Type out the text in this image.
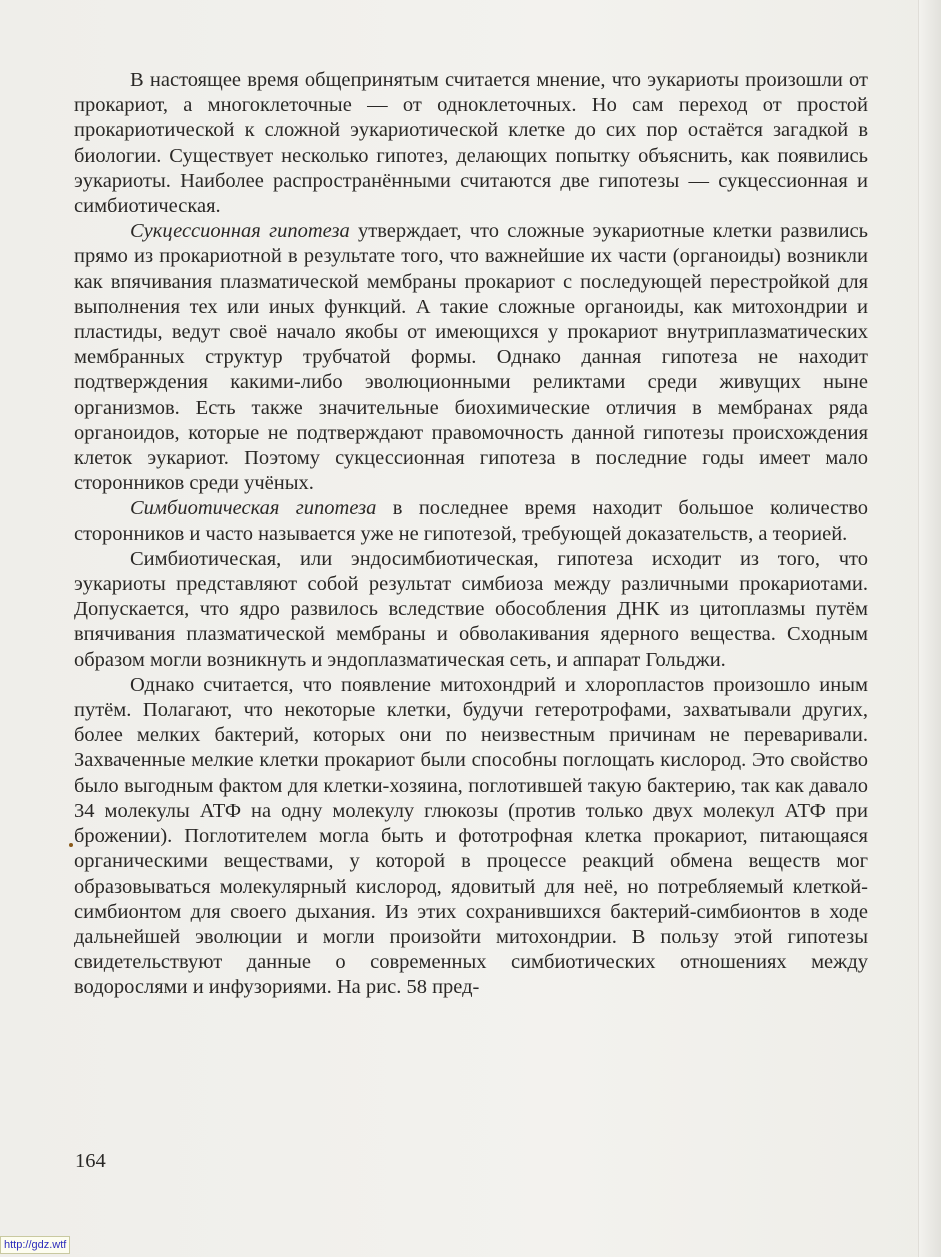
В настоящее время общепринятым считается мнение, что эукариоты произошли от прокариот, а многоклеточные — от одноклеточных. Но сам переход от простой прокариотической к сложной эукариотической клетке до сих пор остаётся загадкой в биологии. Существует несколько гипотез, делающих попытку объяснить, как появились эукариоты. Наиболее распространёнными считаются две гипотезы — сукцессионная и симбиотическая.

Сукцессионная гипотеза утверждает, что сложные эукариотные клетки развились прямо из прокариотной в результате того, что важнейшие их части (органоиды) возникли как впячивания плазматической мембраны прокариот с последующей перестройкой для выполнения тех или иных функций. А такие сложные органоиды, как митохондрии и пластиды, ведут своё начало якобы от имеющихся у прокариот внутриплазматических мембранных структур трубчатой формы. Однако данная гипотеза не находит подтверждения какими-либо эволюционными реликтами среди живущих ныне организмов. Есть также значительные биохимические отличия в мембранах ряда органоидов, которые не подтверждают правомочность данной гипотезы происхождения клеток эукариот. Поэтому сукцессионная гипотеза в последние годы имеет мало сторонников среди учёных.

Симбиотическая гипотеза в последнее время находит большое количество сторонников и часто называется уже не гипотезой, требующей доказательств, а теорией.

Симбиотическая, или эндосимбиотическая, гипотеза исходит из того, что эукариоты представляют собой результат симбиоза между различными прокариотами. Допускается, что ядро развилось вследствие обособления ДНК из цитоплазмы путём впячивания плазматической мембраны и обволакивания ядерного вещества. Сходным образом могли возникнуть и эндоплазматическая сеть, и аппарат Гольджи.

Однако считается, что появление митохондрий и хлоропластов произошло иным путём. Полагают, что некоторые клетки, будучи гетеротрофами, захватывали других, более мелких бактерий, которых они по неизвестным причинам не переваривали. Захваченные мелкие клетки прокариот были способны поглощать кислород. Это свойство было выгодным фактом для клетки-хозяина, поглотившей такую бактерию, так как давало 34 молекулы АТФ на одну молекулу глюкозы (против только двух молекул АТФ при брожении). Поглотителем могла быть и фототрофная клетка прокариот, питающаяся органическими веществами, у которой в процессе реакций обмена веществ мог образовываться молекулярный кислород, ядовитый для неё, но потребляемый клеткой-симбионтом для своего дыхания. Из этих сохранившихся бактерий-симбионтов в ходе дальнейшей эволюции и могли произойти митохондрии. В пользу этой гипотезы свидетельствуют данные о современных симбиотических отношениях между водорослями и инфузориями. На рис. 58 пред-

164
http://gdz.wtf
